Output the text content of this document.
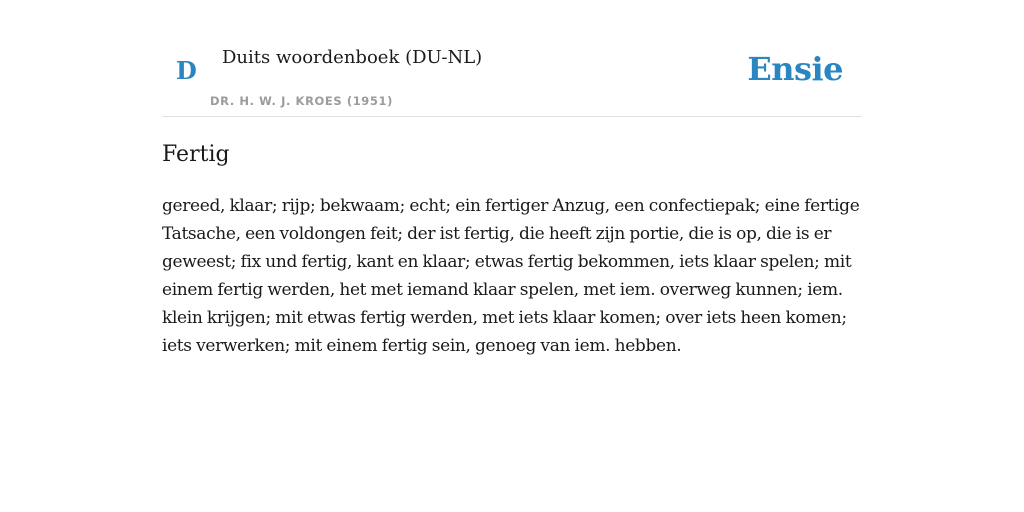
D Duits woordenboek (DU-NL)
DR. H. W. J. KROES (1951)
Ensie
Fertig

gereed, klaar; rijp; bekwaam; echt; ein fertiger Anzug, een confectiepak; eine fertige Tatsache, een voldongen feit; der ist fertig, die heeft zijn portie, die is op, die is er geweest; fix und fertig, kant en klaar; etwas fertig bekommen, iets klaar spelen; mit einem fertig werden, het met iemand klaar spelen, met iem. overweg kunnen; iem. klein krijgen; mit etwas fertig werden, met iets klaar komen; over iets heen komen; iets verwerken; mit einem fertig sein, genoeg van iem. hebben.
